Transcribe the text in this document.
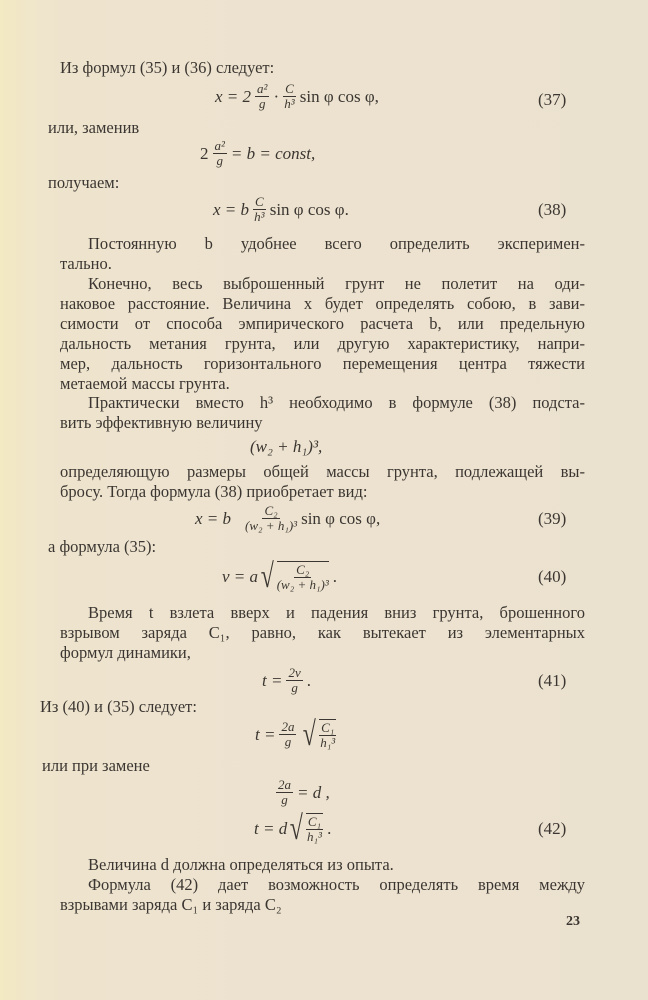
Из формул (35) и (36) следует:
$x = 2 \frac{\text{a²}}{g} \cdot \frac{C}{\text{h³}}$ sin φ cos φ,	(37)
или, заменив
$2 \frac{\text{a²}}{g} = b$ = const,
получаем:
x = b $\frac{C}{\text{h³}}$ sin φ cos φ.	(38)
Постоянную b удобнее всего определить эксперимен-
тально.
Конечно, весь выброшенный грунт не полетит на оди-
наковое расстояние. Величина x будет определять собою, в зави-
симости от способа эмпирического расчета b, или предельную
дальность метания грунта, или другую характеристику, напри-
мер, дальность горизонтального перемещения центра тяжести
метаемой массы грунта.
Практически вместо h³ необходимо в формуле (38) подста-
вить эффективную величину
(w₂ + h₁)³,
определяющую размеры общей массы грунта, подлежащей вы-
бросу. Тогда формула (38) приобретает вид:
x = b $\frac{\text{C₂}}{\text{(w₂ + h₁)³}}$ sin φ cos φ,	(39)
а формула (35):
v = a √ $\frac{\text{C₂}}{\text{(w₂ + h₁)³}}$ .	(40)
Время t взлета вверх и падения вниз грунта, брошенного
взрывом заряда C₁, равно, как вытекает из элементарных
формул динамики,
$t = \frac{2v}{g}$ .	(41)
Из (40) и (35) следует:
$t = \frac{2a}{g}$ √ $\frac{\text{C₁}}{\text{h₁³}}$
или при замене
$\frac{2a}{g} = d$ ,
t = d √ $\frac{\text{C₁}}{\text{h₁³}}$ .	(42)
Величина d должна определяться из опыта.
Формула (42) дает возможность определять время между
взрывами заряда C₁ и заряда C₂
23
